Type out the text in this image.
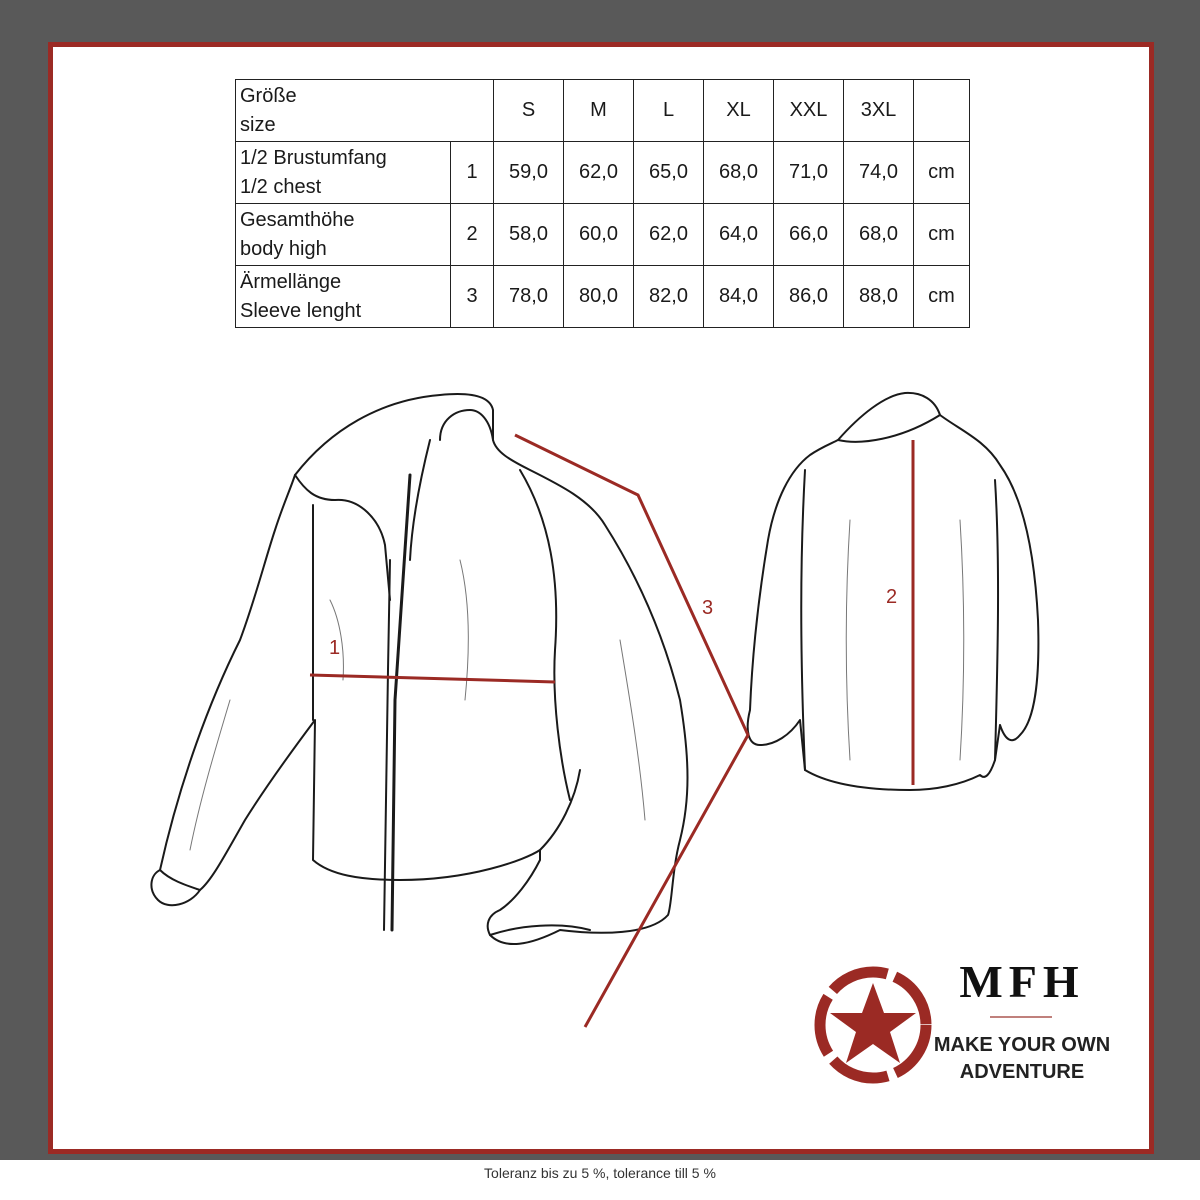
Größe
size		S	M	L	XL	XXL	3XL	

1/2 Brustumfang
1/2 chest	1	59,0	62,0	65,0	68,0	71,0	74,0	cm

Gesamthöhe
body high	2	58,0	60,0	62,0	64,0	66,0	68,0	cm

Ärmellänge
Sleeve lenght	3	78,0	80,0	82,0	84,0	86,0	88,0	cm
1
2
3
MFH
MAKE YOUR OWN
ADVENTURE
Toleranz bis zu 5 %, tolerance till 5 %
